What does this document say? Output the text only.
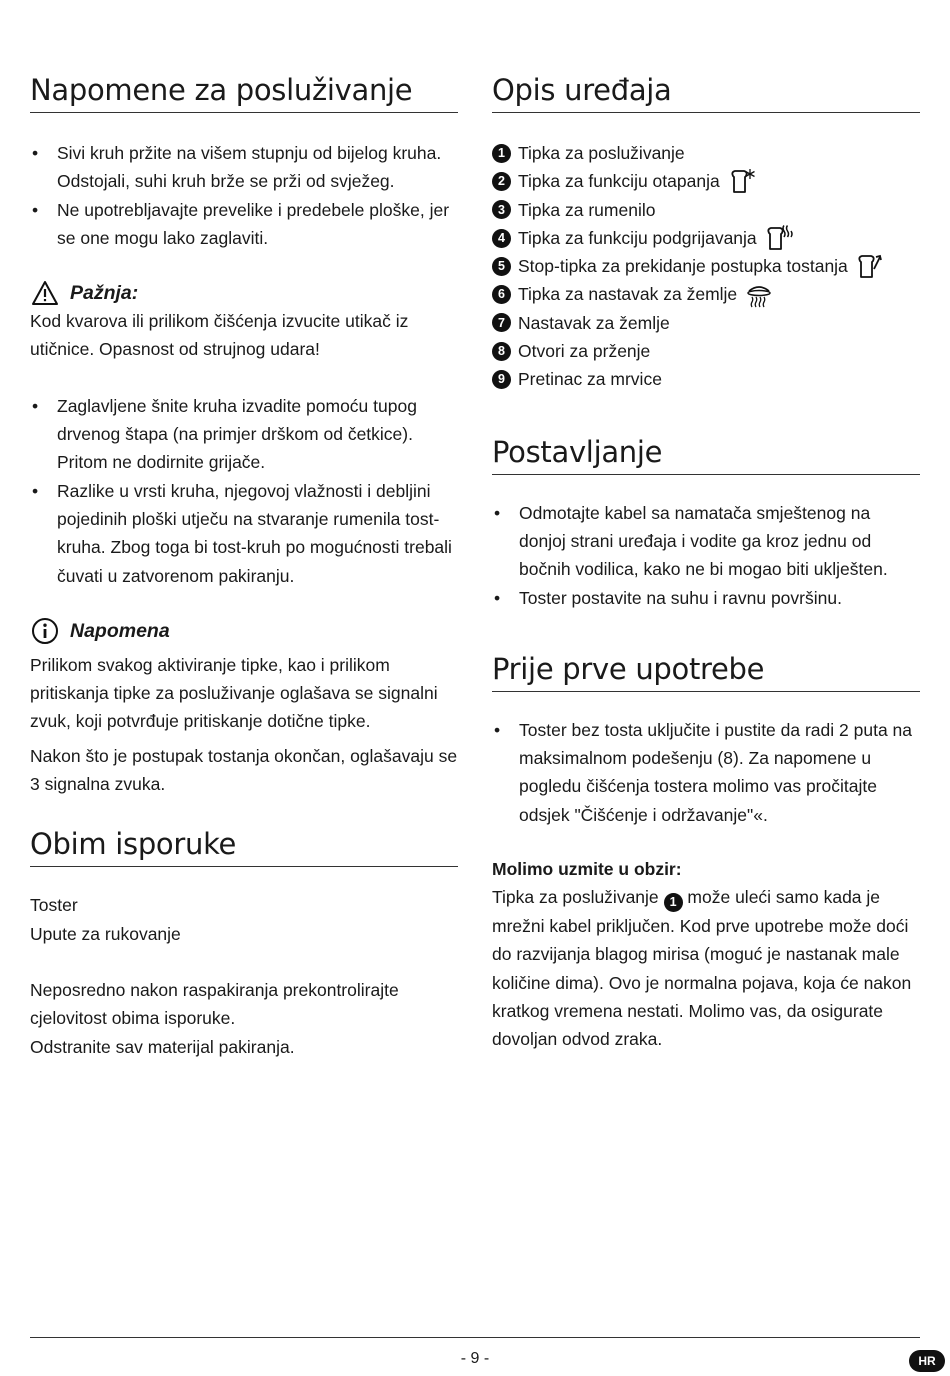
Napomene za posluživanje
• Sivi kruh pržite na višem stupnju od bijelog kruha. Odstojali, suhi kruh brže se prži od svježeg.
• Ne upotrebljavajte prevelike i predebele ploške, jer se one mogu lako zaglaviti.
Pažnja:

Kod kvarova ili prilikom čišćenja izvucite utikač iz utičnice. Opasnost od strujnog udara!

• Zaglavljene šnite kruha izvadite pomoću tupog drvenog štapa (na primjer drškom od četkice). Pritom ne dodirnite grijače.
• Razlike u vrsti kruha, njegovoj vlažnosti i debljini pojedinih ploški utječu na stvaranje rumenila tost-kruha. Zbog toga bi tost-kruh po mogućnosti trebali čuvati u zatvorenom pakiranju.
Napomena

Prilikom svakog aktiviranje tipke, kao i prilikom pritiskanja tipke za posluživanje oglašava se signalni zvuk, koji potvrđuje pritiskanje dotične tipke.

Nakon što je postupak tostanja okončan, oglašavaju se 3 signalna zvuka.

Obim isporuke
Toster
Upute za rukovanje

Neposredno nakon raspakiranja prekontrolirajte cjelovitost obima isporuke.

Odstranite sav materijal pakiranja.

Opis uređaja
1 Tipka za posluživanje
2 Tipka za funkciju otapanja
3 Tipka za rumenilo
4 Tipka za funkciju podgrijavanja
5 Stop-tipka za prekidanje postupka tostanja
6 Tipka za nastavak za žemlje
7 Nastavak za žemlje
8 Otvori za prženje
9 Pretinac za mrvice
Postavljanje
• Odmotajte kabel sa namatača smještenog na donjoj strani uređaja i vodite ga kroz jednu od bočnih vodilica, kako ne bi mogao biti uklješten.
• Toster postavite na suhu i ravnu površinu.
Prije prve upotrebe
• Toster bez tosta uključite i pustite da radi 2 puta na maksimalnom podešenju (8). Za napomene u pogledu čišćenja tostera molimo vas pročitajte odsjek "Čišćenje i održavanje"«.

Molimo uzmite u obzir:

Tipka za posluživanje 1 može ulеći samo kada je mrežni kabel priključen. Kod prve upotrebe može doći do razvijanja blagog mirisa (moguć je nastanak male količine dima). Ovo je normalna pojava, koja će nakon kratkog vremena nestati. Molimo vas, da osigurate dovoljan odvod zraka.

- 9 -	HR
